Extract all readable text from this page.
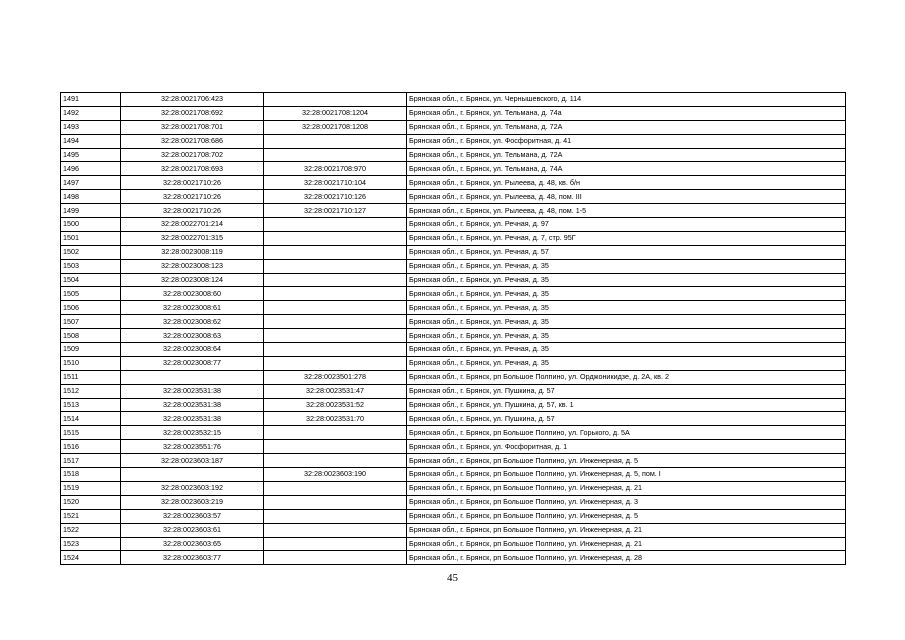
1491	32:28:0021706:423		Брянская обл., г. Брянск, ул. Чернышевского, д. 114
1492	32:28:0021708:692	32:28:0021708:1204	Брянская обл., г. Брянск, ул. Тельмана, д. 74а
1493	32:28:0021708:701	32:28:0021708:1208	Брянская обл., г. Брянск, ул. Тельмана, д. 72А
1494	32:28:0021708:686		Брянская обл., г. Брянск, ул. Фосфоритная, д. 41
1495	32:28:0021708:702		Брянская обл., г. Брянск, ул. Тельмана, д. 72А
1496	32:28:0021708:693	32:28:0021708:970	Брянская обл., г. Брянск, ул. Тельмана, д. 74А
1497	32:28:0021710:26	32:28:0021710:104	Брянская обл., г. Брянск, ул. Рылеева, д. 48, кв. б/н
1498	32:28:0021710:26	32:28:0021710:126	Брянская обл., г. Брянск, ул. Рылеева, д. 48, пом. III
1499	32:28:0021710:26	32:28:0021710:127	Брянская обл., г. Брянск, ул. Рылеева, д. 48, пом. 1-5
1500	32:28:0022701:214		Брянская обл., г. Брянск, ул. Речная, д. 97
1501	32:28:0022701:315		Брянская обл., г. Брянск, ул. Речная, д. 7, стр. 95Г
1502	32:28:0023008:119		Брянская обл., г. Брянск, ул. Речная, д. 57
1503	32:28:0023008:123		Брянская обл., г. Брянск, ул. Речная, д. 35
1504	32:28:0023008:124		Брянская обл., г. Брянск, ул. Речная, д. 35
1505	32:28:0023008:60		Брянская обл., г. Брянск, ул. Речная, д. 35
1506	32:28:0023008:61		Брянская обл., г. Брянск, ул. Речная, д. 35
1507	32:28:0023008:62		Брянская обл., г. Брянск, ул. Речная, д. 35
1508	32:28:0023008:63		Брянская обл., г. Брянск, ул. Речная, д. 35
1509	32:28:0023008:64		Брянская обл., г. Брянск, ул. Речная, д. 35
1510	32:28:0023008:77		Брянская обл., г. Брянск, ул. Речная, д. 35
1511		32:28:0023501:278	Брянская обл., г. Брянск, рп Большое Полпино, ул. Орджоникидзе, д. 2А, кв. 2
1512	32:28:0023531:38	32:28:0023531:47	Брянская обл., г. Брянск, ул. Пушкина, д. 57
1513	32:28:0023531:38	32:28:0023531:52	Брянская обл., г. Брянск, ул. Пушкина, д. 57, кв. 1
1514	32:28:0023531:38	32:28:0023531:70	Брянская обл., г. Брянск, ул. Пушкина, д. 57
1515	32:28:0023532:15		Брянская обл., г. Брянск, рп Большое Полпино, ул. Горького, д. 5А
1516	32:28:0023551:76		Брянская обл., г. Брянск, ул. Фосфоритная, д. 1
1517	32:28:0023603:187		Брянская обл., г. Брянск, рп Большое Полпино, ул. Инженерная, д. 5
1518		32:28:0023603:190	Брянская обл., г. Брянск, рп Большое Полпино, ул. Инженерная, д. 5, пом. I
1519	32:28:0023603:192		Брянская обл., г. Брянск, рп Большое Полпино, ул. Инженерная, д. 21
1520	32:28:0023603:219		Брянская обл., г. Брянск, рп Большое Полпино, ул. Инженерная, д. 3
1521	32:28:0023603:57		Брянская обл., г. Брянск, рп Большое Полпино, ул. Инженерная, д. 5
1522	32:28:0023603:61		Брянская обл., г. Брянск, рп Большое Полпино, ул. Инженерная, д. 21
1523	32:28:0023603:65		Брянская обл., г. Брянск, рп Большое Полпино, ул. Инженерная, д. 21
1524	32:28:0023603:77		Брянская обл., г. Брянск, рп Большое Полпино, ул. Инженерная, д. 28
45
